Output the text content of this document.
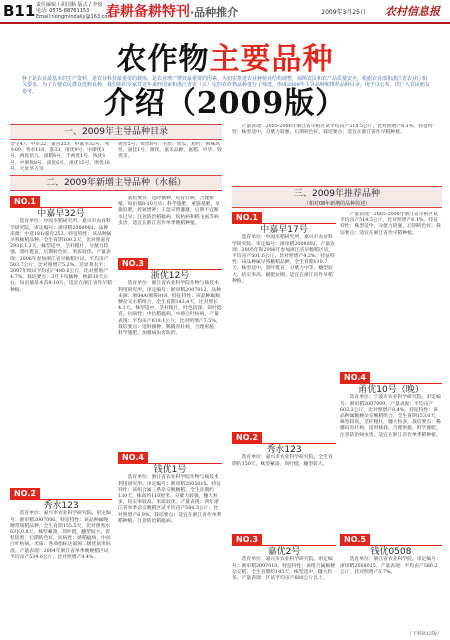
B11 责任编辑 / 胡国顺 版式 / 李悦
电话: 0575-88761153
Email:nongmindaily@163.com
春耕备耕特刊·品种推介	2009年3月25日	农村信息报
农作物主要品种介绍（2009版）
种子是农业最基本的生产资料，是农业科技最重要的载体，是农业增产增效最重要的因素。为切实推进农业种植业结构调整，保障农民和农产品质量安全，根据农业部和浙江省农业厅相关要求，为了方便农民群众选购良种，我们组织专家对近年来经国家和浙江省审（认）定的农作物品种进行了筛选，形成2009年主导品种和推荐品种目录，现予以公布，供广大农民朋友参考。
一、2009年主导品种目录
二、2009年新增主导品种（水稻）
三、2009年推荐品种
（相对08年新增的品种简述）

金早47、中早22、嘉育253、中嘉早32号、秀水09、秀水110、嘉33、甬优9号、中浙优1号、两优培九、国稻6号、丰两优1号、钱优1号、中浙优8号、甬优6号、甬优15号、浙优18号、天优华占等。

NO.1
中嘉早32号

选育单位：中国水稻研究所、嘉兴市农业科学研究院。审定编号：浙审稻2009001。品种来源：中选181/嘉育253。特征特性：该品种属早熟籼稻品种。全生育期109.2天，比对照嘉育293长1.2天。株型适中，茎秆粗壮，分蘖力较强，剑叶挺直，后期转色好，米质较优。产量表现：2006年参加浙江省早籼稻区试，平均亩产503.7公斤，比对照增产5.2%，达显著水平；2007年续试平均亩产480.6公斤，比对照增产4.7%。栽培要点：3月下旬播种，秧龄30天左右，每亩插基本苗8-10万。适宜在浙江省作早稻种植。

NO.2
秀水123

选育单位：嘉兴市农业科学研究院。审定编号：浙审稻2007006。特征特性：该品种属晚粳常规稻品种，全生育期155.5天，比对照秀水63长0.8天，株型紧凑，剑叶挺，穗型较大，着粒较密，后期转色好。抗病性：感稻瘟病，中抗白叶枯病。米质：各项指标达部颁二级优质米标准。产量表现：2004年浙江省单季晚粳稻区试平均亩产534.6公斤，比对照增产4.4%。

黄丝5号、黄丝8号、毛丝、丝瓜、盾叶、鲜味高丝、嘉佳1号、浙优、嘉禾品种、嘉稻、中华、钱优等。

栽培要点：适时播种，培育壮秧，合理密植，每亩插8-10万丛；科学施肥，重施基肥，早施追肥，控氮增钾；干湿交替灌溉，后期不宜断水过早；注意防治稻瘟病、纹枯病和稻飞虱等病虫害。适宜在浙江省作单季晚稻种植。

NO.3
浙优12号

选育单位：浙江省农业科学院作物与核技术利用研究所。审定编号：浙审稻2007012。品种来源：浙04A/浙恢818。特征特性：该品种属籼粳杂交水稻组合，全生育期143.4天，比对照长4.1天。株型适中，茎秆粗壮，叶色较深，剑叶挺直。抗病性：中抗稻瘟病，中感白叶枯病。产量表现：平均亩产618.1公斤，比对照增产7.5%。栽培要点：适时播种，稀播育壮秧，合理密植，科学施肥，加强病虫害防治。

NO.4
钱优1号

选育单位：浙江省农业科学院作物与核技术利用研究所。审定编号：浙审稻2005015。特征特性：该组合属三系杂交晚籼稻。全生育期约130天，株高约110厘米，分蘖力较强，穗大粒多，结实率较高。米质较优。产量表现：两年浙江省单季杂交晚稻区试平均亩产584.3公斤，比对照增产6.9%。栽培要点：适宜在浙江省作单季稻种植，注意防治稻瘟病。

产量表现：2005-2006年浙江省早稻区试平均亩产514.5公斤，比对照增产6.1%。特征特性：株型适中，分蘖力较强，后期转色好。栽培要点：适宜在浙江省作早稻种植。

NO.1
中嘉早17号

选育单位：中国水稻研究所、嘉兴市农业科学研究院。审定编号：浙审稻2008002。产量表现：2005年和2006年参加浙江省早籼稻区试，平均亩产501.6公斤，比对照增产4.2%。特征特性：该品种属早熟籼稻品种，全生育期110.7天，株型适中，剑叶挺直，分蘖力中等，穗型较大，结实率高，耐肥抗倒。适宜在浙江省作早稻种植。

NO.2
秀水123

选育单位：嘉兴市农业科学研究院。全生育期约150天，株型紧凑，剑叶挺，穗型较大。

NO.3
嘉优2号

选育单位：嘉兴市农业科学研究院。审定编号：浙审稻2007010。特征特性：该组合属籼粳杂交稻，全生育期约145天，株型适中，穗大粒多。产量表现：区试平均亩产600公斤以上。

产量表现：2005-2006年浙江省早稻区试平均亩产514.5公斤，比对照增产6.1%。特征特性：株型适中，分蘖力较强，后期转色好。栽培要点：适宜在浙江省作早稻种植。

NO.4
甬优10号（晚）

选育单位：宁波市农业科学研究院。审定编号：浙审稻2007009。产量表现：平均亩产602.3公斤，比对照增产8.4%。特征特性：该品种属籼粳杂交晚稻组合，全生育期153.0天，株型较高，茎秆粗壮，穗大粒多。栽培要点：稀播培育壮秧，适时移栽，合理密植，科学施肥，注意防治病虫害。适宜在浙江省作单季稻种植。

NO.5
钱优0508

选育单位：浙江省农业科学院。审定编号：浙审稻2008015。产量表现：平均亩产586.2公斤，比对照增产5.7%。

（下转B12版）
